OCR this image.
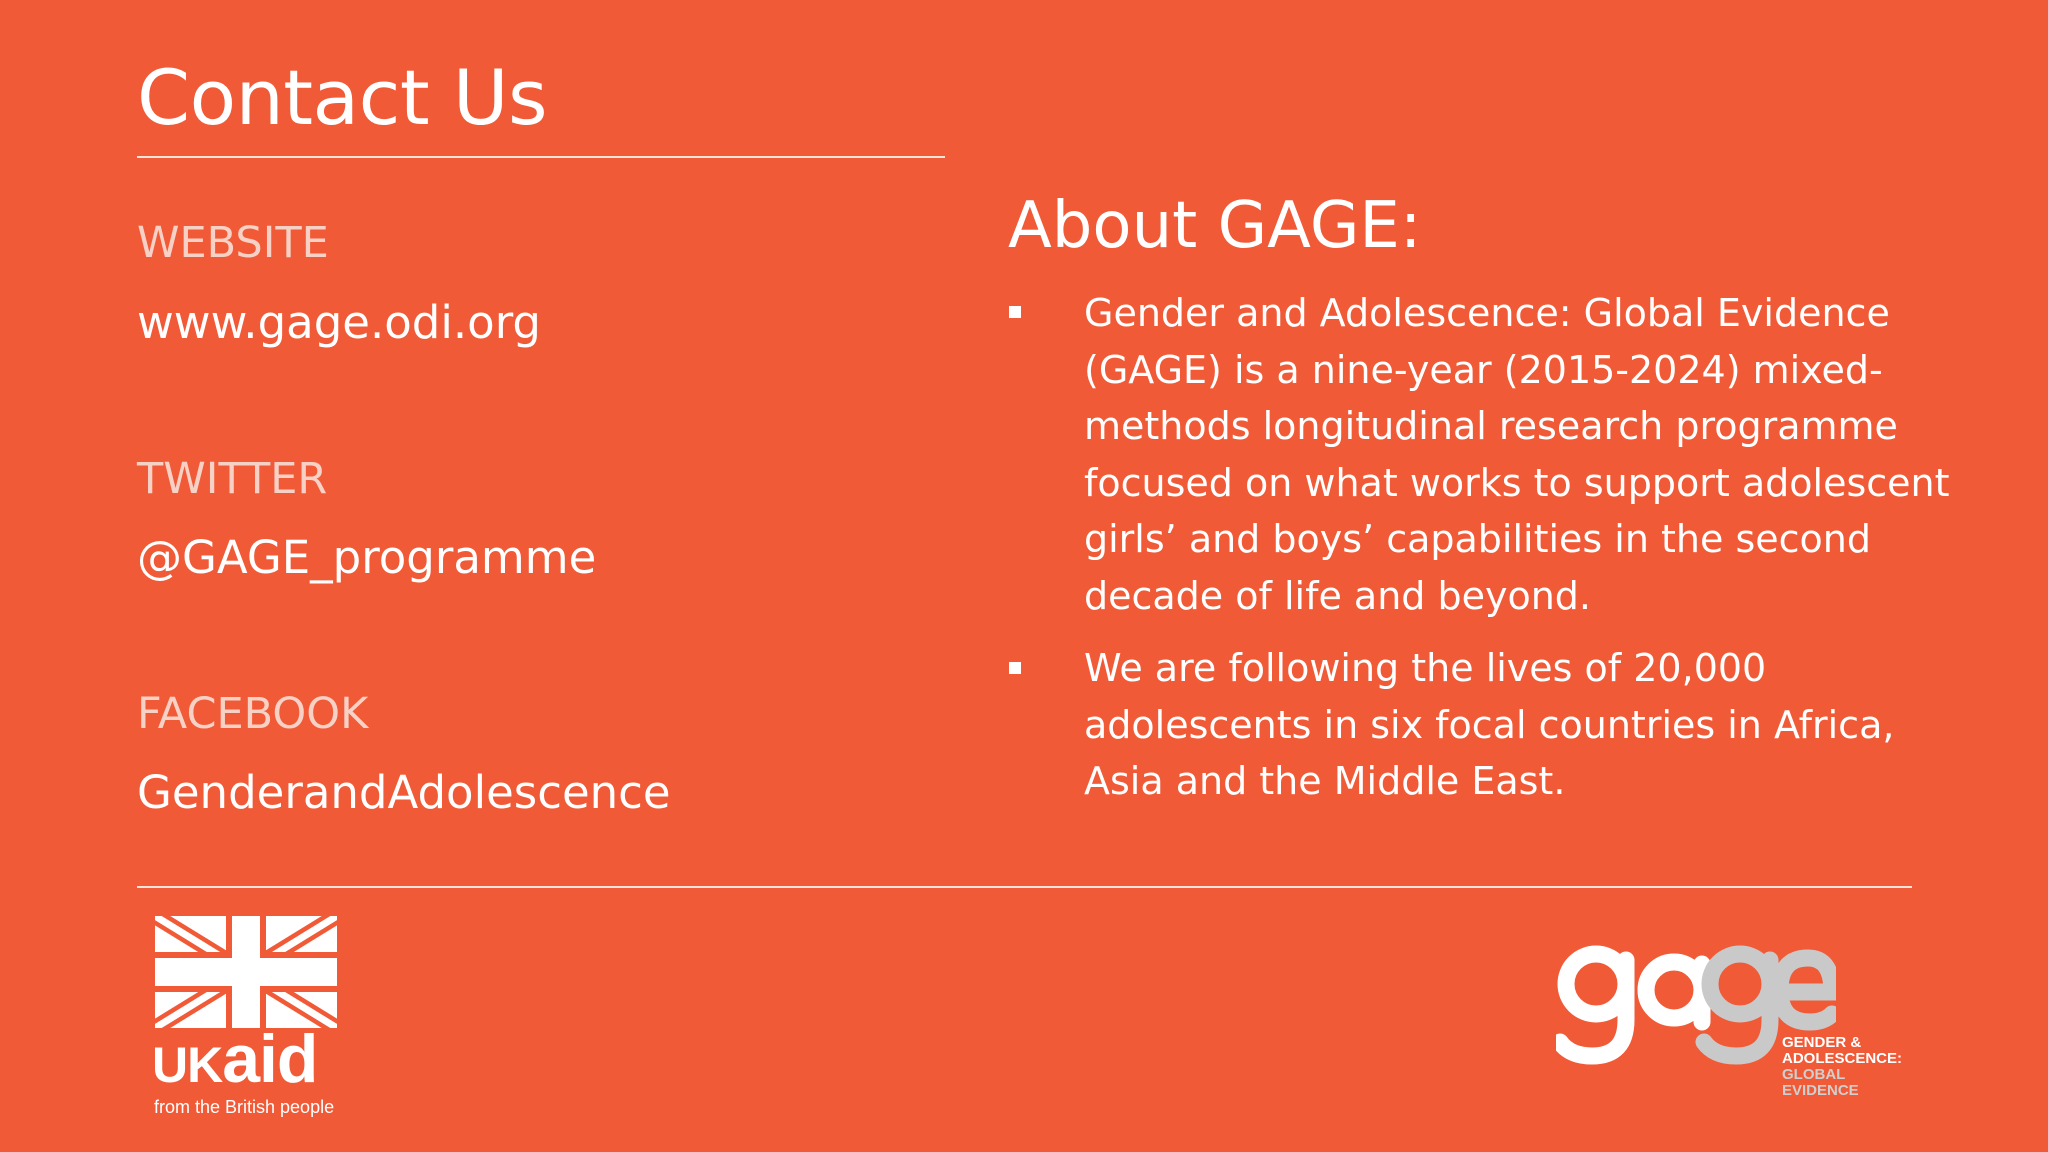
Contact Us
WEBSITE
www.gage.odi.org
TWITTER
@GAGE_programme
FACEBOOK
GenderandAdolescence
About GAGE:
Gender and Adolescence: Global Evidence (GAGE) is a nine-year (2015-2024) mixed-methods longitudinal research programme focused on what works to support adolescent girls’ and boys’ capabilities in the second decade of life and beyond.
We are following the lives of 20,000 adolescents in six focal countries in Africa, Asia and the Middle East.
UKaid
from the British people
GENDER &
ADOLESCENCE:
GLOBAL
EVIDENCE
